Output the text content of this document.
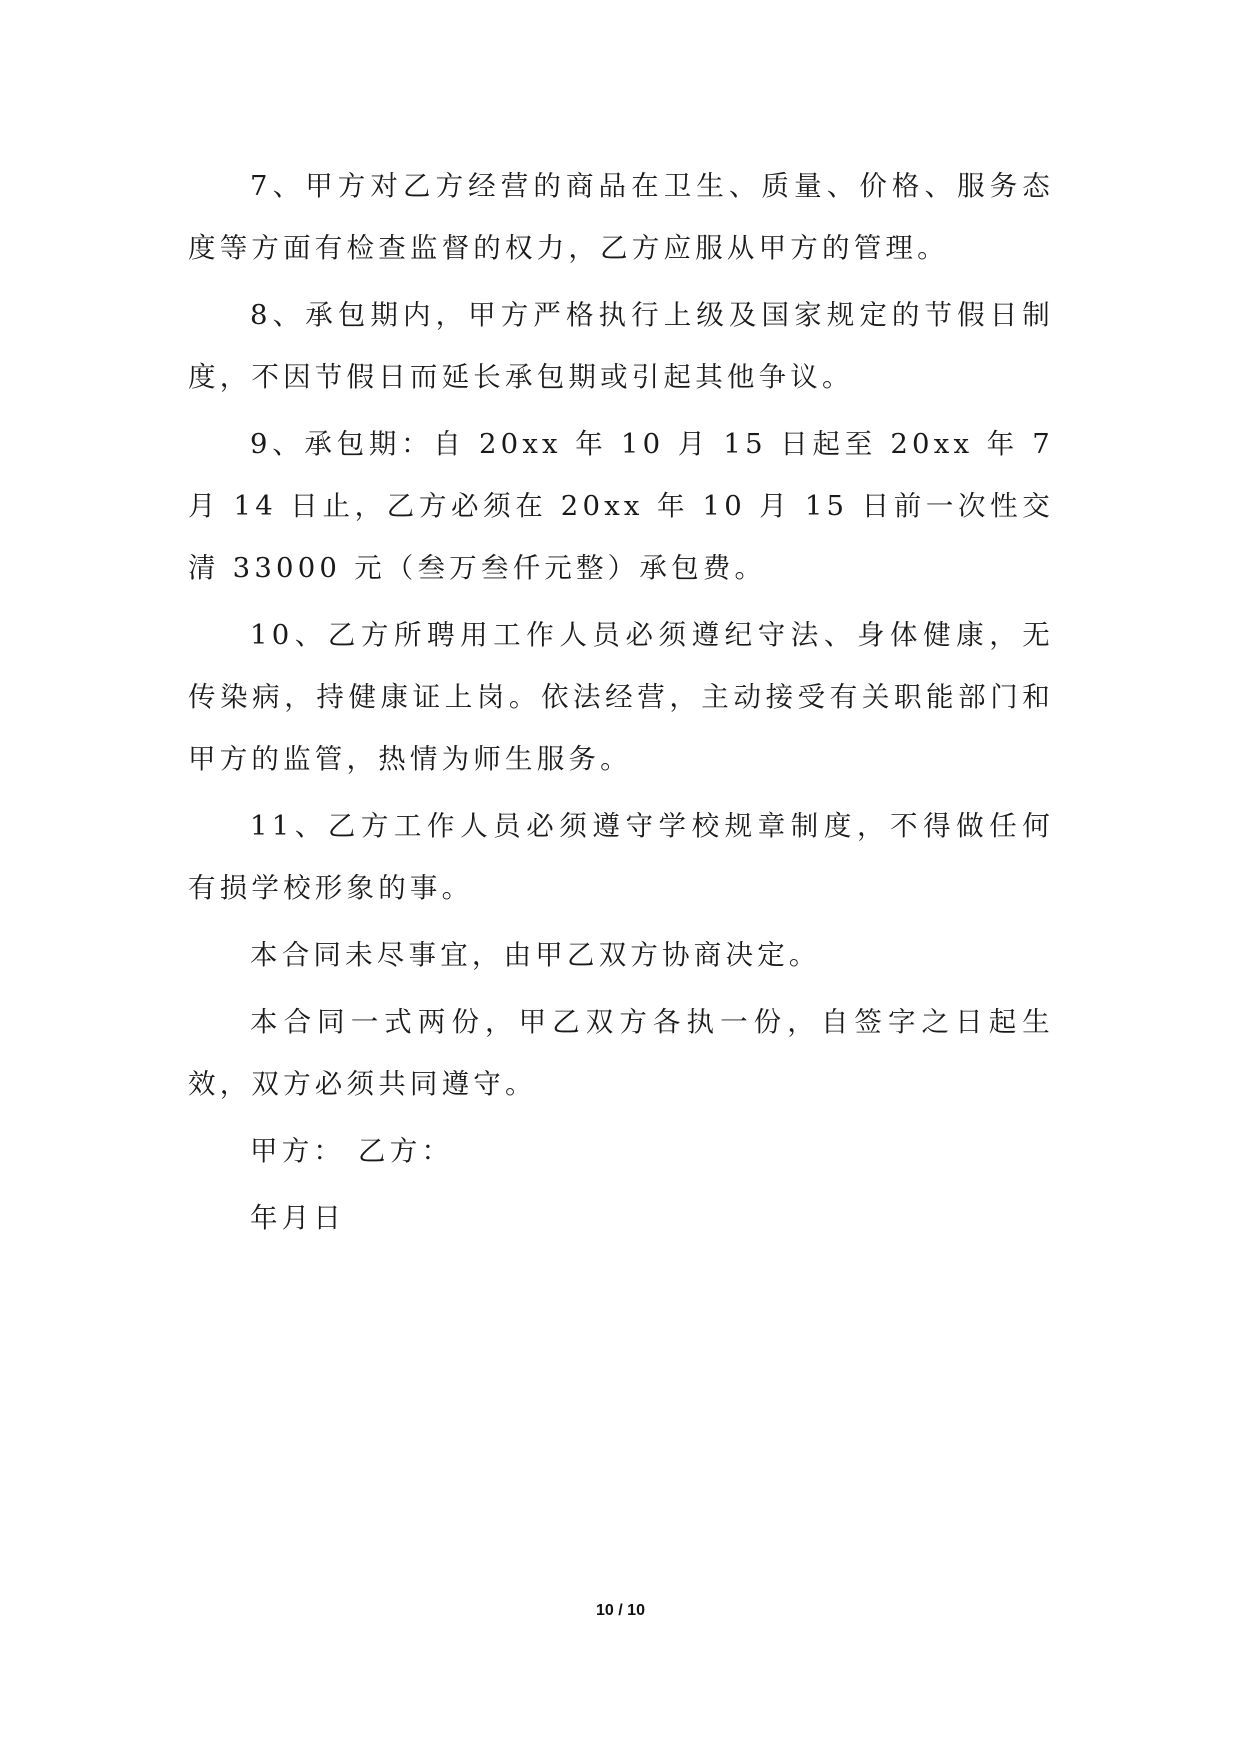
7、甲方对乙方经营的商品在卫生、质量、价格、服务态度等方面有检查监督的权力，乙方应服从甲方的管理。

8、承包期内，甲方严格执行上级及国家规定的节假日制度，不因节假日而延长承包期或引起其他争议。

9、承包期：自 20xx 年 10 月 15 日起至 20xx 年 7 月 14 日止，乙方必须在 20xx 年 10 月 15 日前一次性交清 33000 元（叁万叁仟元整）承包费。

10、乙方所聘用工作人员必须遵纪守法、身体健康，无传染病，持健康证上岗。依法经营，主动接受有关职能部门和甲方的监管，热情为师生服务。

11、乙方工作人员必须遵守学校规章制度，不得做任何有损学校形象的事。

本合同未尽事宜，由甲乙双方协商决定。

本合同一式两份，甲乙双方各执一份，自签字之日起生效，双方必须共同遵守。

甲方： 乙方：

年月日

10 / 10
